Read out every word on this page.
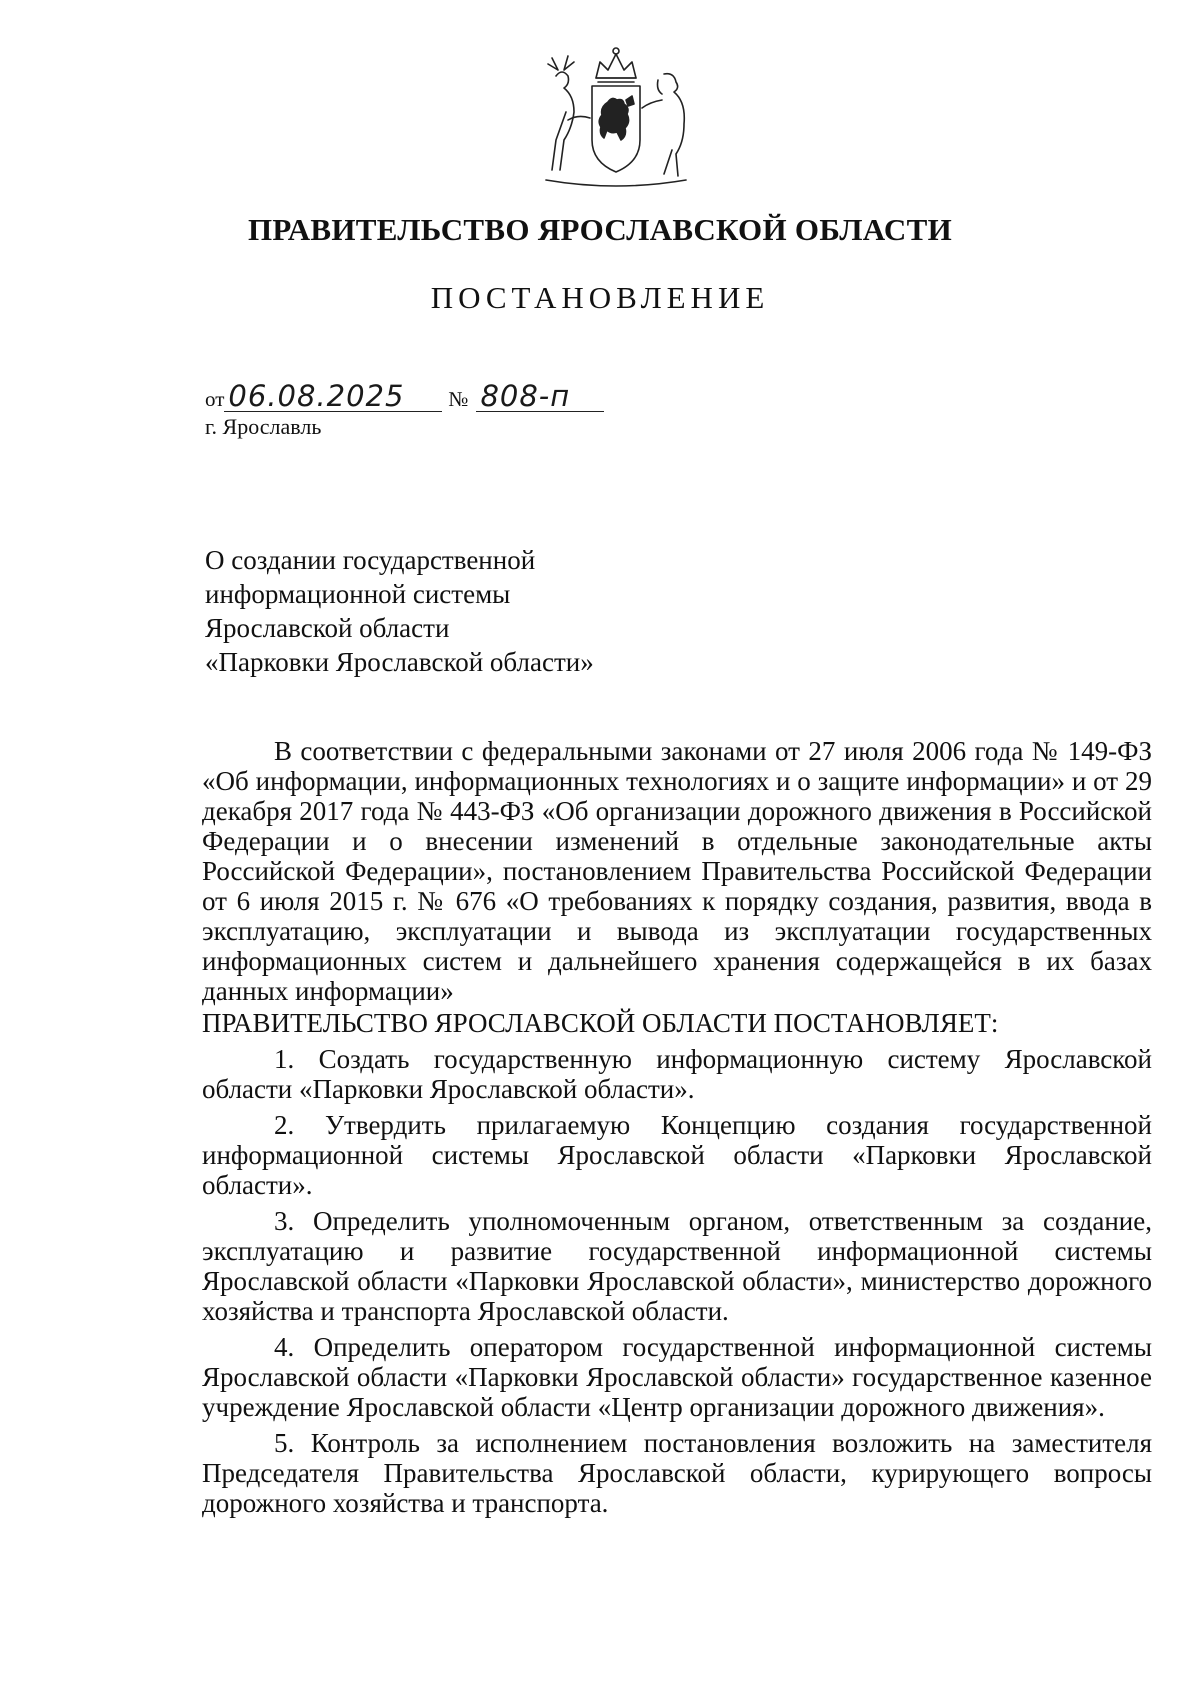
ПРАВИТЕЛЬСТВО ЯРОСЛАВСКОЙ ОБЛАСТИ
ПОСТАНОВЛЕНИЕ
от 06.08.2025	№ 808-п
г. Ярославль
О создании государственной
информационной системы
Ярославской области
«Парковки Ярославской области»

В соответствии с федеральными законами от 27 июля 2006 года № 149-ФЗ «Об информации, информационных технологиях и о защите информации» и от 29 декабря 2017 года № 443-ФЗ «Об организации дорожного движения в Российской Федерации и о внесении изменений в отдельные законодательные акты Российской Федерации», постановлением Правительства Российской Федерации от 6 июля 2015 г. № 676 «О требованиях к порядку создания, развития, ввода в эксплуатацию, эксплуатации и вывода из эксплуатации государственных информационных систем и дальнейшего хранения содержащейся в их базах данных информации»

ПРАВИТЕЛЬСТВО ЯРОСЛАВСКОЙ ОБЛАСТИ ПОСТАНОВЛЯЕТ:

1. Создать государственную информационную систему Ярославской области «Парковки Ярославской области».

2. Утвердить прилагаемую Концепцию создания государственной информационной системы Ярославской области «Парковки Ярославской области».

3. Определить уполномоченным органом, ответственным за создание, эксплуатацию и развитие государственной информационной системы Ярославской области «Парковки Ярославской области», министерство дорожного хозяйства и транспорта Ярославской области.

4. Определить оператором государственной информационной системы Ярославской области «Парковки Ярославской области» государственное казенное учреждение Ярославской области «Центр организации дорожного движения».

5. Контроль за исполнением постановления возложить на заместителя Председателя Правительства Ярославской области, курирующего вопросы дорожного хозяйства и транспорта.
